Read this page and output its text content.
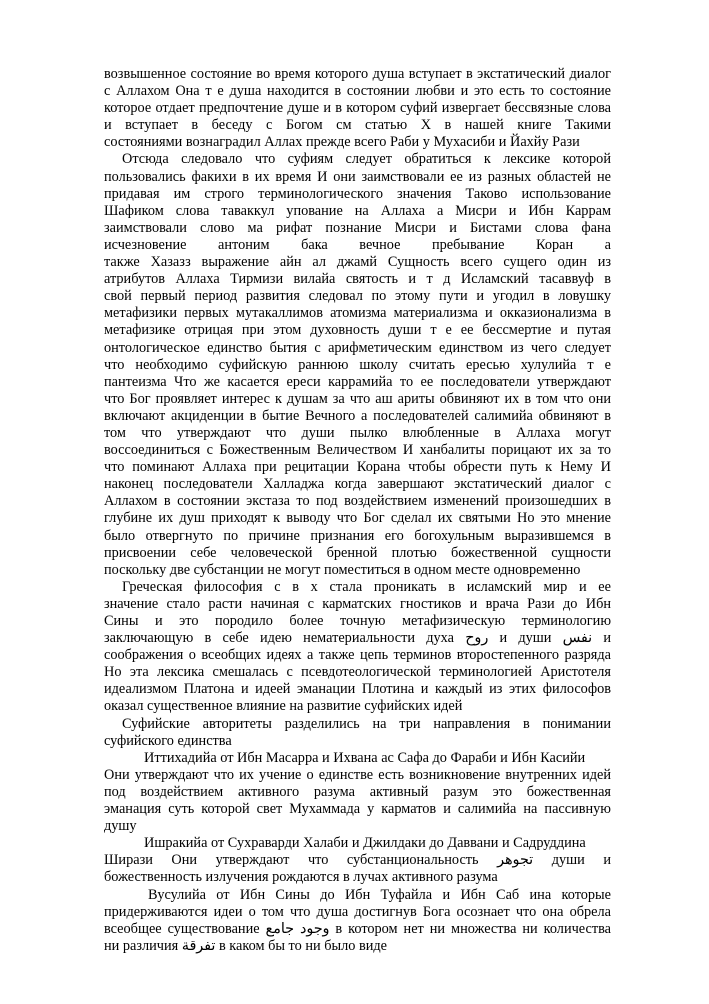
возвышенное состояние во время которого душа вступает в экстатический диалог
с Аллахом Она т е душа находится в состоянии любви и это есть то состояние
которое отдает предпочтение душе и в котором суфий извергает бессвязные слова
и вступает в беседу с Богом см статью Х в нашей книге Такими
состояниями вознаградил Аллах прежде всего Раби у Мухасиби и Йахйу Рази
Отсюда следовало что суфиям следует обратиться к лексике которой
пользовались факихи в их время И они заимствовали ее из разных областей не
придавая им строго терминологического значения Таково использование
Шафиком слова таваккул упование на Аллаха а Мисри и Ибн Каррам
заимствовали слово ма рифат познание Мисри и Бистами слова фана
исчезновение антоним бака вечное пребывание Коран а
также Хазазз выражение айн ал джамй Сущность всего сущего один из
атрибутов Аллаха Тирмизи вилайа святость и т д Исламский тасаввуф в
свой первый период развития следовал по этому пути и угодил в ловушку
метафизики первых мутакаллимов атомизма материализма и окказионализма в
метафизике отрицая при этом духовность души т е ее бессмертие и путая
онтологическое единство бытия с арифметическим единством из чего следует
что необходимо суфийскую раннюю школу считать ересью хулулийа т е
пантеизма Что же касается ереси каррамийа то ее последователи утверждают
что Бог проявляет интерес к душам за что аш ариты обвиняют их в том что они
включают акциденции в бытие Вечного а последователей салимийа обвиняют в
том что утверждают что души пылко влюбленные в Аллаха могут
воссоединиться с Божественным Величеством И ханбалиты порицают их за то
что поминают Аллаха при рецитации Корана чтобы обрести путь к Нему И
наконец последователи Халладжа когда завершают экстатический диалог с
Аллахом в состоянии экстаза то под воздействием изменений произошедших в
глубине их душ приходят к выводу что Бог сделал их святыми Но это мнение
было отвергнуто по причине признания его богохульным выразившемся в
присвоении себе человеческой бренной плотью божественной сущности
поскольку две субстанции не могут поместиться в одном месте одновременно
Греческая философия с в х стала проникать в исламский мир и ее
значение стало расти начиная с карматских гностиков и врача Рази до Ибн
Сины и это породило более точную метафизическую терминологию
заключающую в себе идею нематериальности духа روح и души نفس и
соображения о всеобщих идеях а также цепь терминов второстепенного разряда
Но эта лексика смешалась с псевдотеологической терминологией Аристотеля
идеализмом Платона и идеей эманации Плотина и каждый из этих философов
оказал существенное влияние на развитие суфийских идей
Суфийские авторитеты разделились на три направления в понимании
суфийского единства
Иттихадийа от Ибн Масарра и Ихвана ас Сафа до Фараби и Ибн Касийи
Они утверждают что их учение о единстве есть возникновение внутренних идей
под воздействием активного разума активный разум это божественная
эманация суть которой свет Мухаммада у карматов и салимийа на пассивную
душу
Ишракийа от Сухраварди Халаби и Джилдаки до Даввани и Садруддина
Ширази Они утверждают что субстанциональность تجوهر души и
божественность излучения рождаются в лучах активного разума
Вусулийа от Ибн Сины до Ибн Туфайла и Ибн Саб ина которые
придерживаются идеи о том что душа достигнув Бога осознает что она обрела
всеобщее существование وجود جامع в котором нет ни множества ни количества
ни различия تفرقة в каком бы то ни было виде
